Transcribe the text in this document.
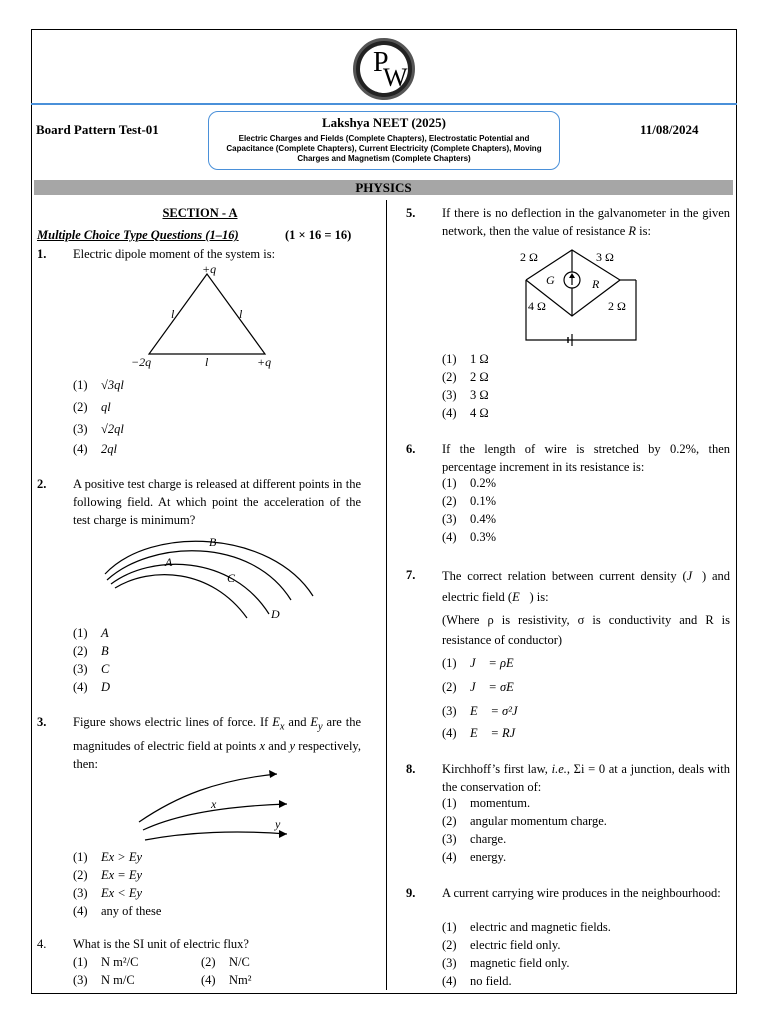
P
W
Board Pattern Test-01	Lakshya NEET (2025)
Electric Charges and Fields (Complete Chapters), Electrostatic Potential and Capacitance (Complete Chapters), Current Electricity (Complete Chapters), Moving Charges and Magnetism (Complete Chapters)
11/08/2024
PHYSICS
SECTION - A
Multiple Choice Type Questions (1–16)	(1 × 16 = 16)
1. Electric dipole moment of the system is:
+q
−2q	+q
l	l
l
(1) √3ql
(2) ql
(3) √2ql
(4) 2ql
2. A positive test charge is released at different points in the following field. At which point the acceleration of the test charge is minimum?
B
A
C
D
(1) A
(2) B
(3) C
(4) D
3. Figure shows electric lines of force. If $E_x$ and $E_y$ are the magnitudes of electric field at points x and y respectively, then:
x
y
(1) Ex > Ey
(2) Ex = Ey
(3) Ex < Ey
(4) any of these
4. What is the SI unit of electric flux?
(1) N m²/C	(2) N/C
(3) N m/C	(4) Nm²
5. If there is no deflection in the galvanometer in the given network, then the value of resistance R is:
2 Ω	3 Ω
4 Ω	2 Ω
G	R
(1) 1 Ω
(2) 2 Ω
(3) 3 Ω
(4) 4 Ω
6. If the length of wire is stretched by 0.2%, then percentage increment in its resistance is:
(1) 0.2%
(2) 0.1%
(3) 0.4%
(4) 0.3%
7. The correct relation between current density (J⃗) and electric field (E⃗) is:
(Where ρ is resistivity, σ is conductivity and R is resistance of conductor)
(1) J⃗ = ρE⃗
(2) J⃗ = σE⃗
(3) E⃗ = σ²J⃗
(4) E⃗ = RJ⃗
8. Kirchhoff’s first law, i.e., Σi = 0 at a junction, deals with the conservation of:
(1) momentum.
(2) angular momentum charge.
(3) charge.
(4) energy.
9. A current carrying wire produces in the neighbourhood:
(1) electric and magnetic fields.
(2) electric field only.
(3) magnetic field only.
(4) no field.
